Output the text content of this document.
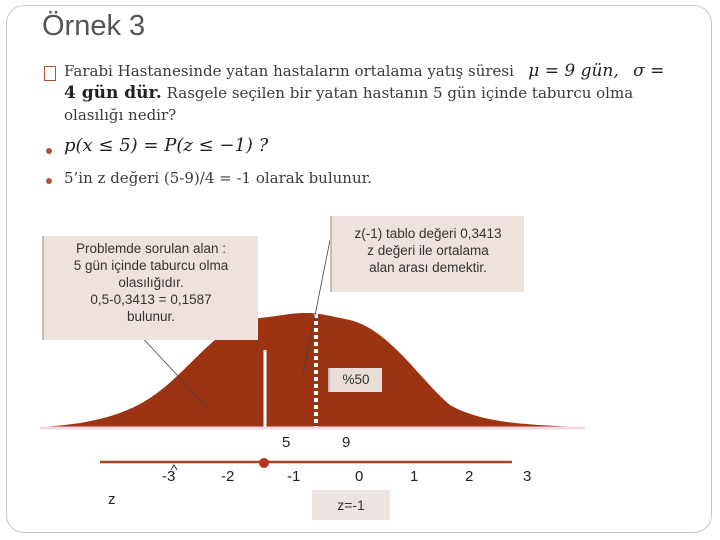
Örnek 3
Farabi Hastanesinde yatan hastaların ortalama yatış süresi μ = 9 gün, σ =
4 gün dür. Rasgele seçilen bir yatan hastanın 5 gün içinde taburcu olma olasılığı nedir?
p(x ≤ 5) = P(z ≤ −1) ?
5’in z değeri (5-9)/4 = -1 olarak bulunur.
Problemde sorulan alan :
5 gün içinde taburcu olma
olasılığıdır.
0,5-0,3413 = 0,1587
bulunur.
z(-1) tablo değeri 0,3413
z değeri ile ortalama
alan arası demektir.
%50
5	9
-3	-2	-1	0	1	2	3
z	z=-1
